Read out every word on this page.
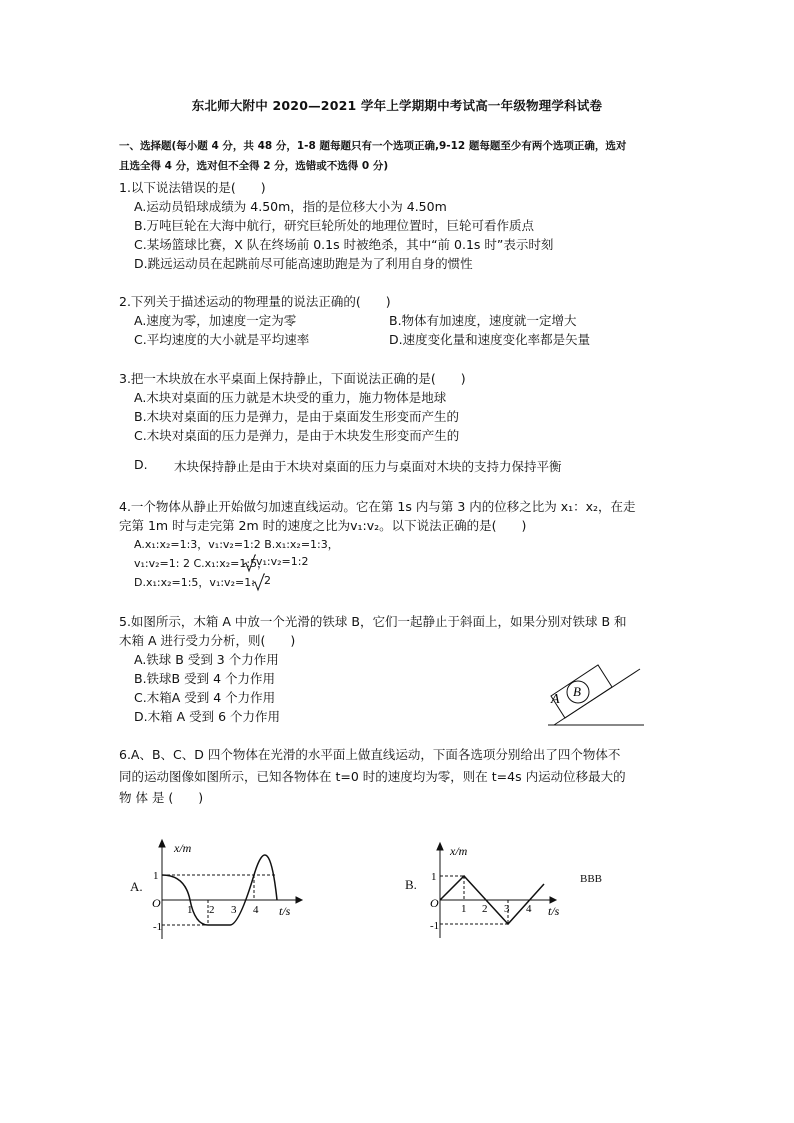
东北师大附中 2020—2021 学年上学期期中考试高一年级物理学科试卷
一、选择题(每小题 4 分，共 48 分，1-8 题每题只有一个选项正确,9-12 题每题至少有两个选项正确，选对
且选全得 4 分，选对但不全得 2 分，选错或不选得 0 分)
1.以下说法错误的是(　　)
A.运动员铅球成绩为 4.50m，指的是位移大小为 4.50m
B.万吨巨轮在大海中航行，研究巨轮所处的地理位置时，巨轮可看作质点
C.某场篮球比赛，X 队在终场前 0.1s 时被绝杀，其中“前 0.1s 时”表示时刻
D.跳远运动员在起跳前尽可能高速助跑是为了利用自身的惯性
2.下列关于描述运动的物理量的说法正确的(　　)
A.速度为零，加速度一定为零	B.物体有加速度，速度就一定增大
C.平均速度的大小就是平均速率	D.速度变化量和速度变化率都是矢量
3.把一木块放在水平桌面上保持静止，下面说法正确的是(　　)
A.木块对桌面的压力就是木块受的重力，施力物体是地球
B.木块对桌面的压力是弹力，是由于桌面发生形变而产生的
C.木块对桌面的压力是弹力，是由于木块发生形变而产生的
D. 木块保持静止是由于木块对桌面的压力与桌面对木块的支持力保持平衡
4.一个物体从静止开始做匀加速直线运动。它在第 1s 内与第 3 内的位移之比为 x₁：x₂，在走
完第 1m 时与走完第 2m 时的速度之比为v₁:v₂。以下说法正确的是(　　)
A.x₁:x₂=1:3，v₁:v₂=1:2 B.x₁:x₂=1:3，
v₁:v₂=1: 2 C.x₁:x₂=1:5，
v₁:v₂=1:2
D.x₁:x₂=1:5，v₁:v₂=1: 2
5.如图所示，木箱 A 中放一个光滑的铁球 B，它们一起静止于斜面上，如果分别对铁球 B 和
木箱 A 进行受力分析，则(　　)
A.铁球 B 受到 3 个力作用
B.铁球B 受到 4 个力作用
C.木箱A 受到 4 个力作用
D.木箱 A 受到 6 个力作用
B
A
6.A、B、C、D 四个物体在光滑的水平面上做直线运动，下面各选项分别给出了四个物体不
同的运动图像如图所示，已知各物体在 t=0 时的速度均为零，则在 t=4s 内运动位移最大的
物 体 是 (　　)
A.
x/m
t/s
O
1
-1
1 2 3 4
B.
x/m
t/s
O
1
-1
1 2 3 4
BBB
